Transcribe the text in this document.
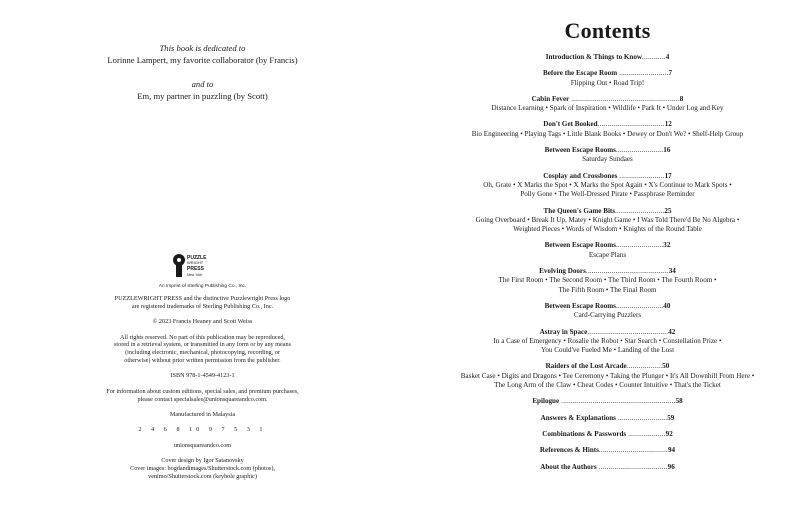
This book is dedicated to
Lorinne Lampert, my favorite collaborator (by Francis)
and to
Em, my partner in puzzling (by Scott)
PUZZLE
WRIGHT
PRESS
New York
An Imprint of Sterling Publishing Co., Inc.

PUZZLEWRIGHT PRESS and the distinctive Puzzlewright Press logo
are registered trademarks of Sterling Publishing Co., Inc.

© 2023 Francis Heaney and Scott Weiss

All rights reserved. No part of this publication may be reproduced,
stored in a retrieval system, or transmitted in any form or by any means
(including electronic, mechanical, photocopying, recording, or
otherwise) without prior written permission from the publisher.

ISBN 978-1-4549-4123-1

For information about custom editions, special sales, and premium purchases,
please contact specialsales@unionsquareandco.com.

Manufactured in Malaysia

2 4 6 8 10 9 7 5 3 1

unionsquareandco.com

Cover design by Igor Satanovsky
Cover images: bogdandimages/Shutterstock.com (photos),
venimo/Shutterstock.com (keyhole graphic)

Contents
Introduction & Things to Know............4
Before the Escape Room .........................7
Flipping Out • Road Trip!
Cabin Fever .......................................................8
Distance Learning • Spark of Inspiration • Wildlife • Park It • Under Log and Key
Don't Get Booked..................................12
Bio Engineering • Playing Tags • Little Blank Books • Dewey or Don't We? • Shelf-Help Group
Between Escape Rooms........................16
Saturday Sundaes
Cosplay and Crossbones .......................17
Oh, Grate • X Marks the Spot • X Marks the Spot Again • X's Continue to Mark Spots •
Polly Gone • The Well-Dressed Pirate • Passphrase Reminder
The Queen's Game Bits.........................25
Going Overboard • Break It Up, Matey • Knight Game • I Was Told There'd Be No Algebra •
Weighted Pieces • Words of Wisdom • Knights of the Round Table
Between Escape Rooms........................32
Escape Plans
Evolving Doors..........................................34
The First Room • The Second Room • The Third Room • The Fourth Room •
The Fifth Room • The Final Room
Between Escape Rooms........................40
Card-Carrying Puzzlers
Astray in Space.........................................42
In a Case of Emergency • Rosalie the Robot • Star Search • Constellation Prize •
You Could've Fueled Me • Landing of the Lost
Raiders of the Lost Arcade..................50
Basket Case • Digits and Dragons • Tee Ceremony • Taking the Plunger • It's All Downhill From Here •
The Long Arm of the Claw • Cheat Codes • Counter Intuitive • That's the Ticket
Epilogue ..........................................................58
Answers & Explanations .........................59
Combinations & Passwords ...................92
References & Hints...................................94
About the Authors ...................................96
